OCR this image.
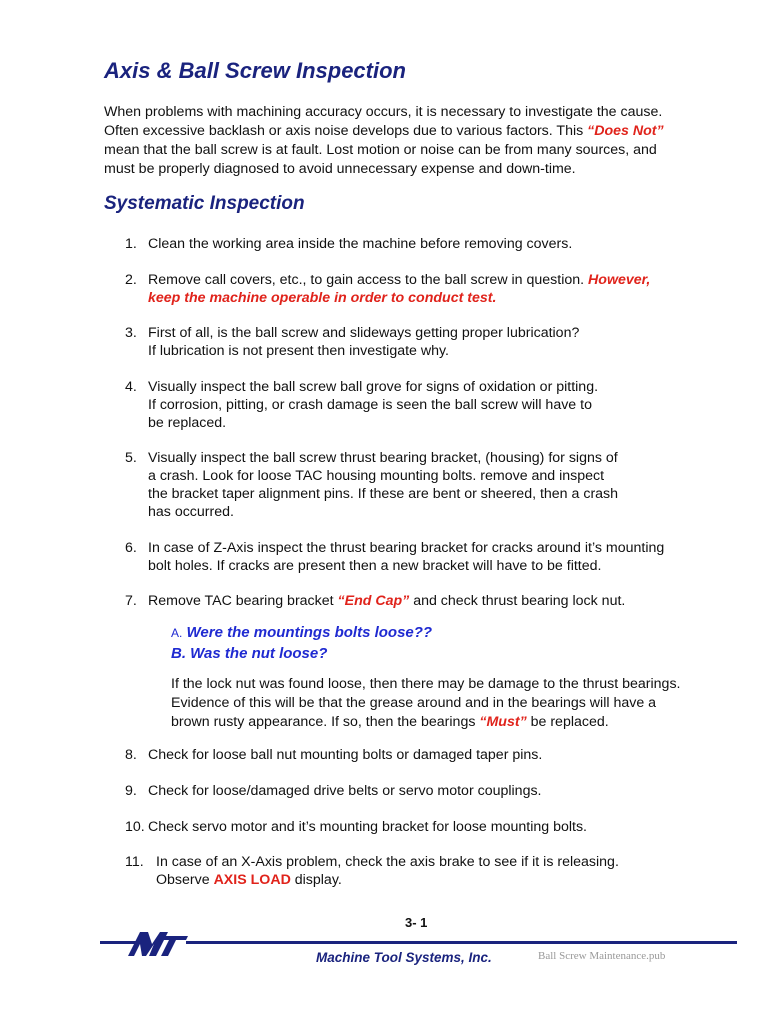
Axis & Ball Screw Inspection
When problems with machining accuracy occurs, it is necessary to investigate the cause.
Often excessive backlash or axis noise develops due to various factors. This “Does Not”
mean that the ball screw is at fault. Lost motion or noise can be from many sources, and
must be properly diagnosed to avoid unnecessary expense and down-time.
Systematic Inspection
1. Clean the working area inside the machine before removing covers.
2. Remove call covers, etc., to gain access to the ball screw in question. However,
keep the machine operable in order to conduct test.
3. First of all, is the ball screw and slideways getting proper lubrication?
If lubrication is not present then investigate why.
4. Visually inspect the ball screw ball grove for signs of oxidation or pitting.
If corrosion, pitting, or crash damage is seen the ball screw will have to
be replaced.
5. Visually inspect the ball screw thrust bearing bracket, (housing) for signs of
a crash. Look for loose TAC housing mounting bolts. remove and inspect
the bracket taper alignment pins. If these are bent or sheered, then a crash
has occurred.
6. In case of Z-Axis inspect the thrust bearing bracket for cracks around it’s mounting
bolt holes. If cracks are present then a new bracket will have to be fitted.
7. Remove TAC bearing bracket “End Cap” and check thrust bearing lock nut.
A. Were the mountings bolts loose??
B. Was the nut loose?
If the lock nut was found loose, then there may be damage to the thrust bearings.
Evidence of this will be that the grease around and in the bearings will have a
brown rusty appearance. If so, then the bearings “Must” be replaced.
8. Check for loose ball nut mounting bolts or damaged taper pins.
9. Check for loose/damaged drive belts or servo motor couplings.
10. Check servo motor and it’s mounting bracket for loose mounting bolts.
11. In case of an X-Axis problem, check the axis brake to see if it is releasing.
Observe AXIS LOAD display.
3- 1
MTS
Machine Tool Systems, Inc.	Ball Screw Maintenance.pub
